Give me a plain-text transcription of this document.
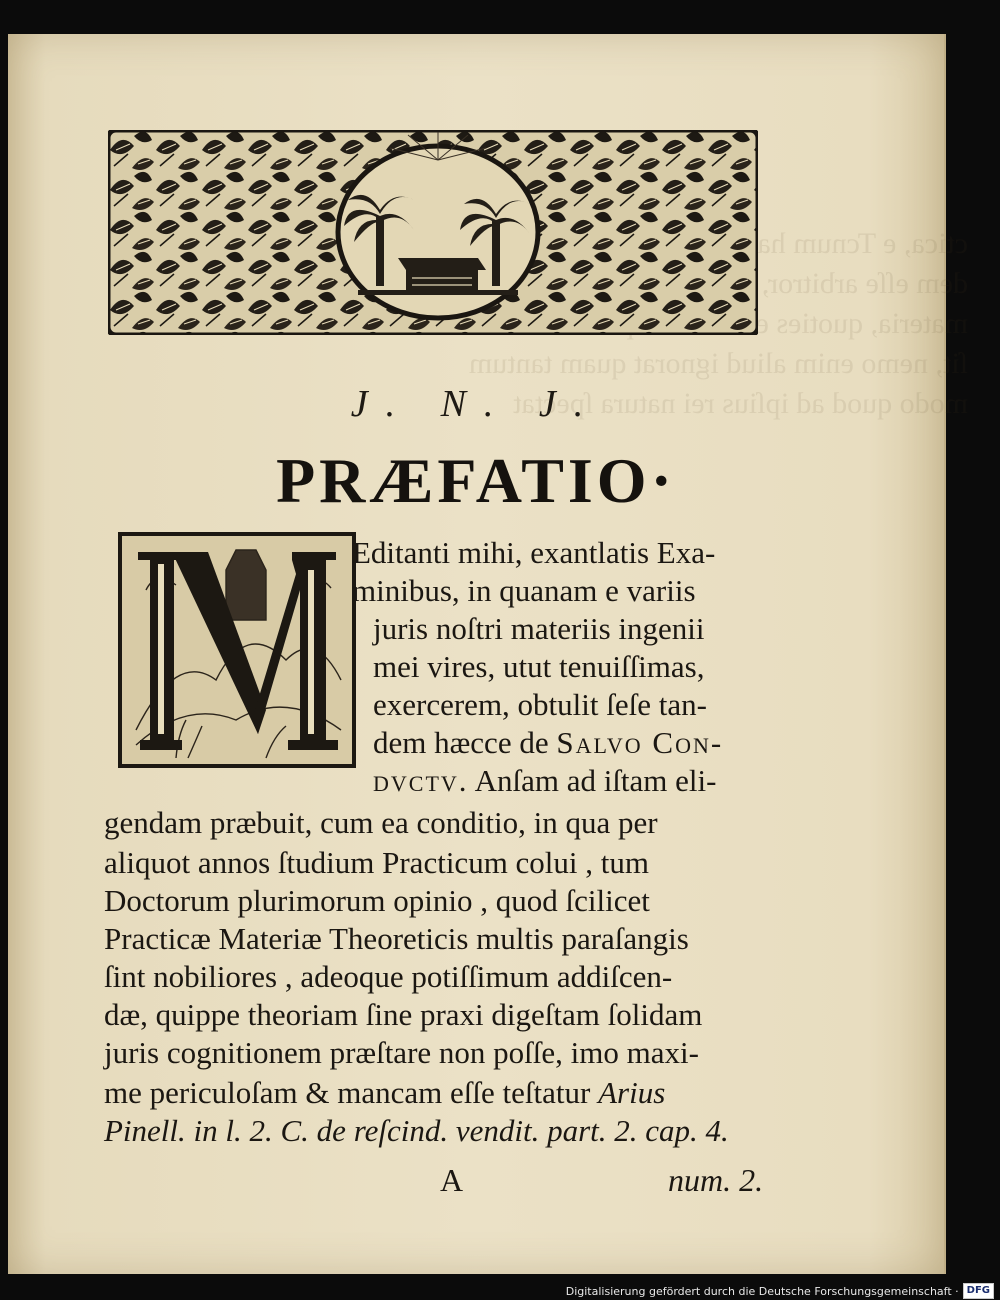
ctica, e Tcnum hac
dem eſſe arbitror,
materia, quoties
ſit, nemo enim aliud ignorat quam tantum
modo quod ad ipſius rei natura ſpectat
J. N. J.
PRÆFATIO·
Editanti mihi, exantlatis Exa-
minibus, in quanam e variis
juris noſtri materiis ingenii
mei vires, utut tenuiſſimas,
exercerem, obtulit ſeſe tan-
dem hæcce de Salvo Con-
dvctv. Anſam ad iſtam eli-
gendam præbuit, cum ea conditio, in qua per
aliquot annos ſtudium Practicum colui , tum
Doctorum plurimorum opinio , quod ſcilicet
Practicæ Materiæ Theoreticis multis paraſangis
ſint nobiliores , adeoque potiſſimum addiſcen-
dæ, quippe theoriam ſine praxi digeſtam ſolidam
juris cognitionem præſtare non poſſe, imo maxi-
me periculoſam & mancam eſſe teſtatur Arius
Pinell. in l. 2. C. de reſcind. vendit. part. 2. cap. 4.
A	num. 2.
Digitalisierung gefördert durch die Deutsche Forschungsgemeinschaft · DFG
